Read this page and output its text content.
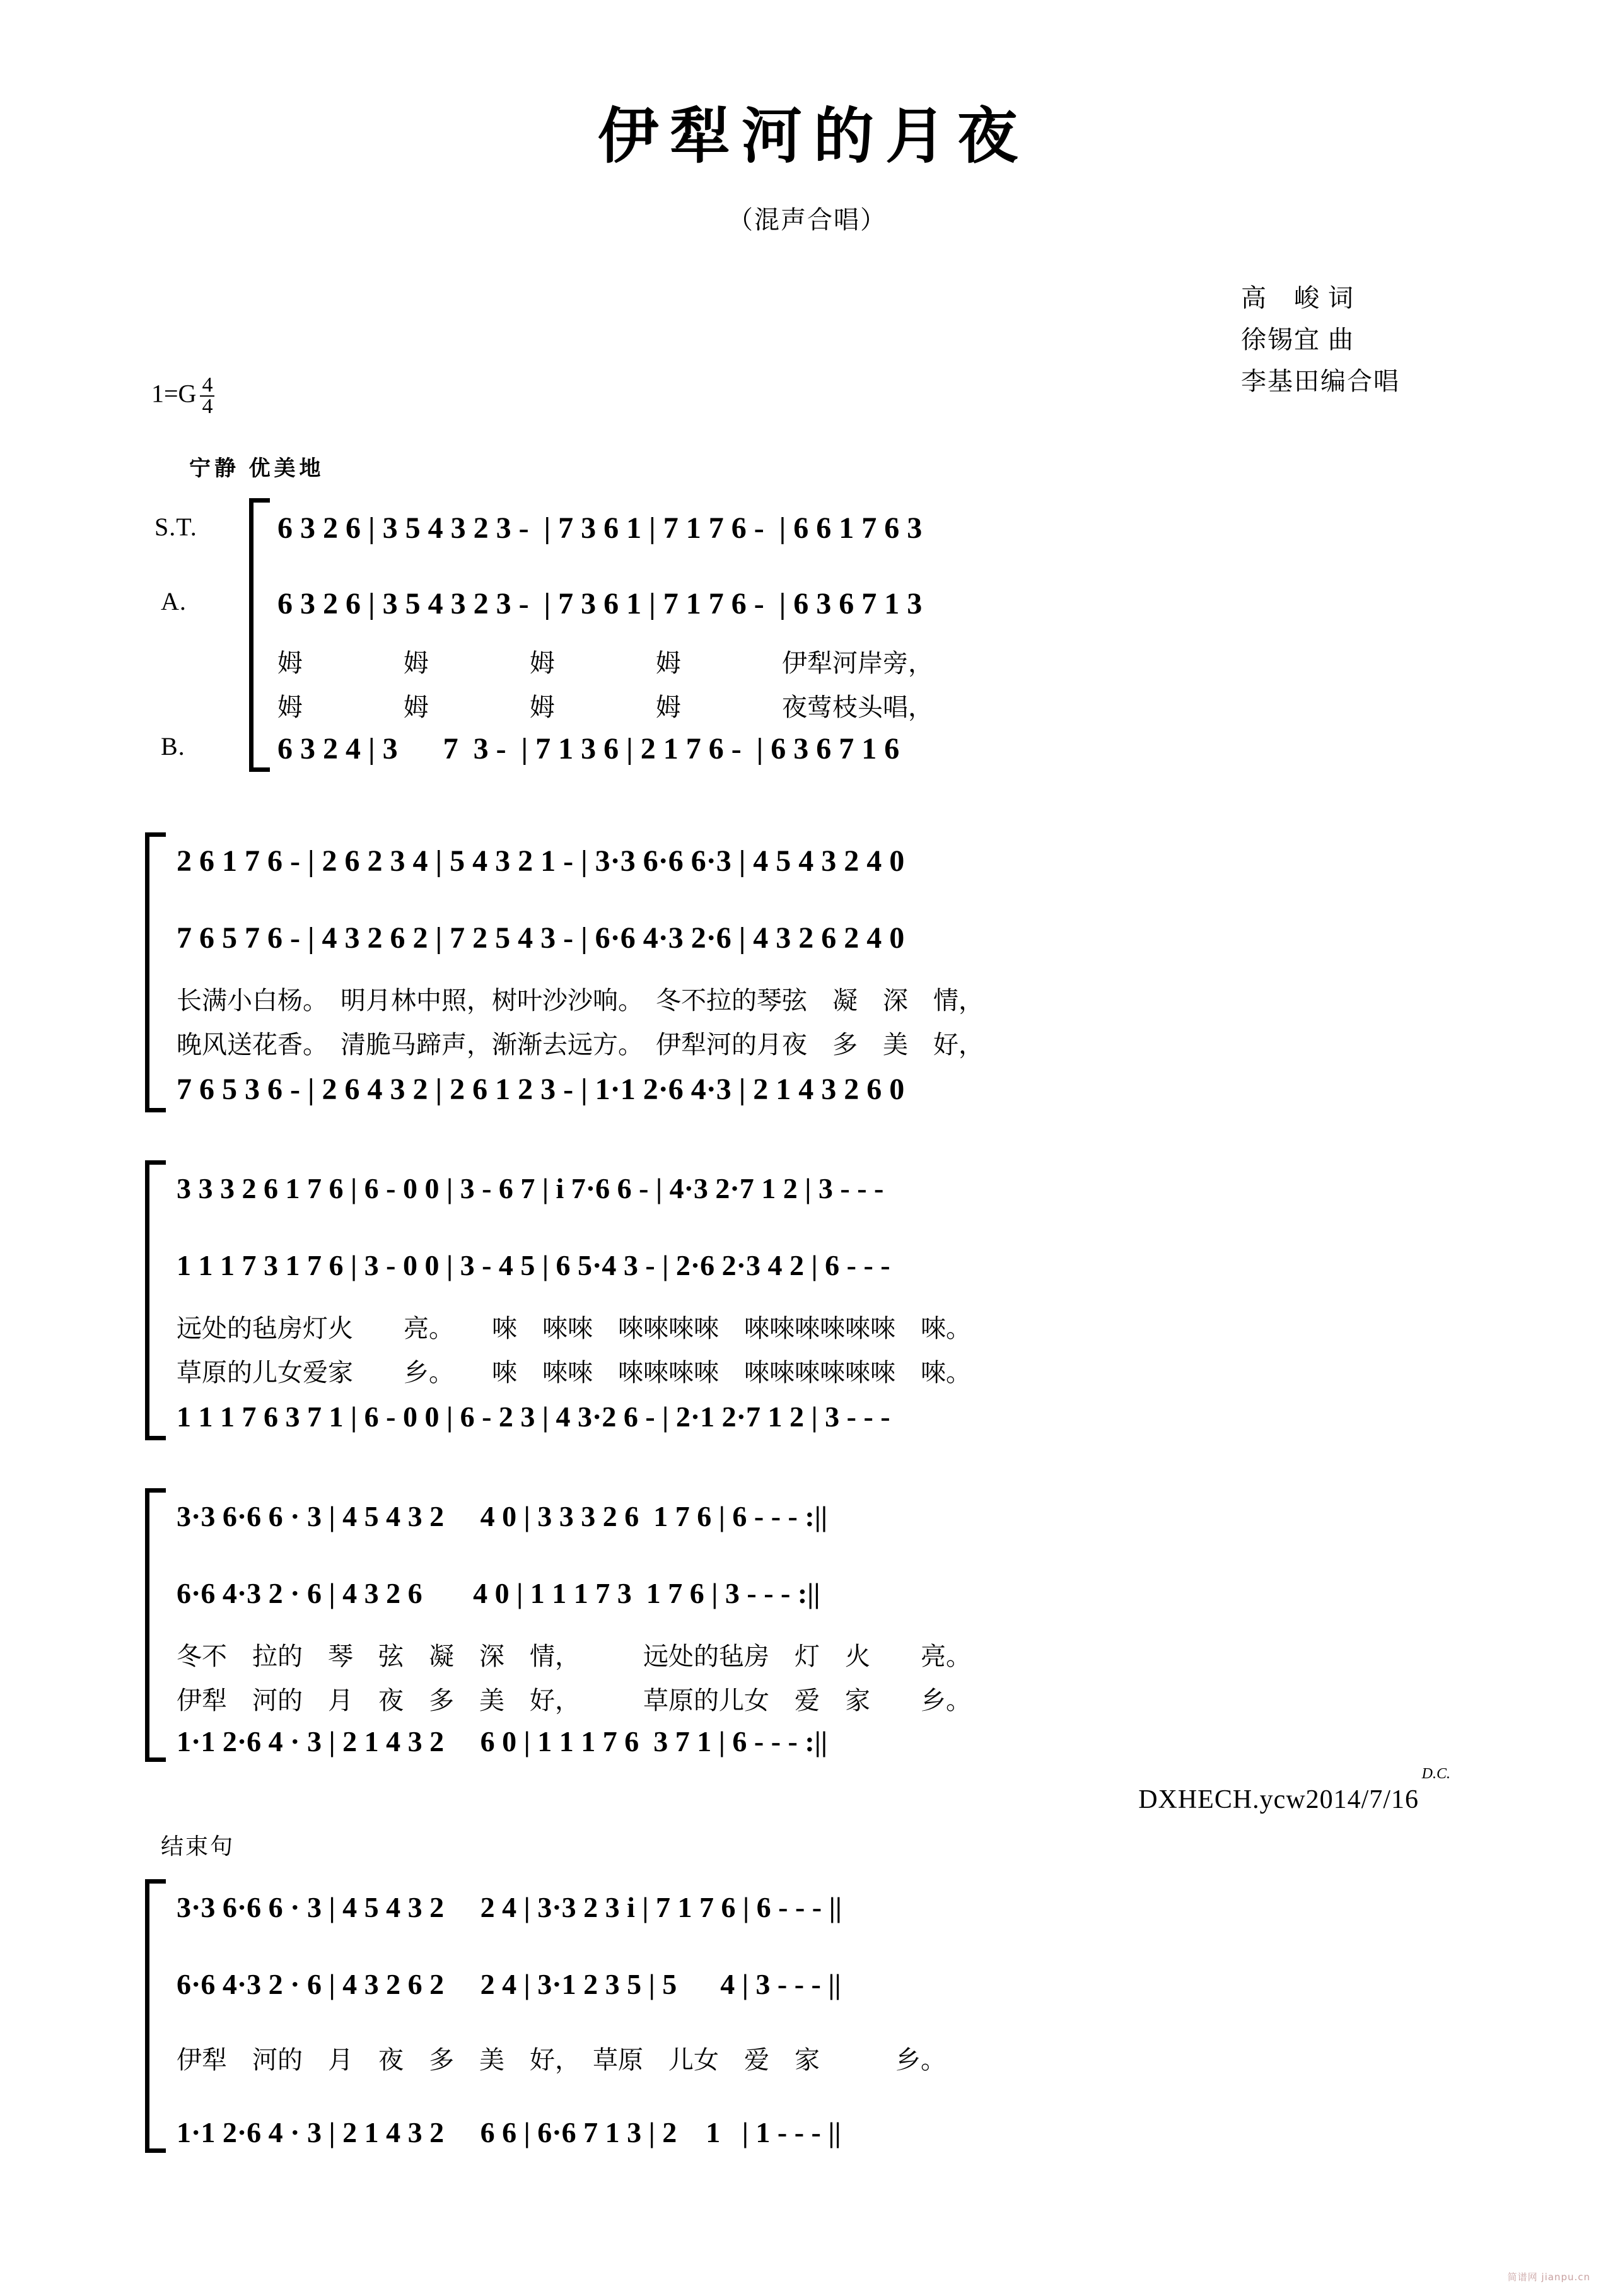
伊犁河的月夜
（混声合唱）
高　峻 词
徐锡宜 曲
李基田编合唱
$1=G \frac{4}{4}$
宁静 优美地
S.T.
A.
B.
6 3 2 6 | 3 5 4 3 2 3 -  | 7 3 6 1 | 7 1 7 6 -  | 6 6 1 7 6 3
6 3 2 6 | 3 5 4 3 2 3 -  | 7 3 6 1 | 7 1 7 6 -  | 6 3 6 7 1 3
姆　　　　姆　　　　姆　　　　姆　　　　伊犁河岸旁，
姆　　　　姆　　　　姆　　　　姆　　　　夜莺枝头唱，
6 3 2 4 | 3      7  3 -  | 7 1 3 6 | 2 1 7 6 -  | 6 3 6 7 1 6
2 6 1 7 6 - | 2 6 2 3 4 | 5 4 3 2 1 - | 3·3 6·6 6·3 | 4 5 4 3 2 4 0
7 6 5 7 6 - | 4 3 2 6 2 | 7 2 5 4 3 - | 6·6 4·3 2·6 | 4 3 2 6 2 4 0
长满小白杨。　明月林中照，树叶沙沙响。　冬不拉的琴弦　凝　深　情，
晚风送花香。　清脆马蹄声，渐渐去远方。　伊犁河的月夜　多　美　好，
7 6 5 3 6 - | 2 6 4 3 2 | 2 6 1 2 3 - | 1·1 2·6 4·3 | 2 1 4 3 2 6 0
3 3 3 2 6 1 7 6 | 6 - 0 0 | 3 - 6 7 | i 7·6 6 - | 4·3 2·7 1 2 | 3 - - -
1 1 1 7 3 1 7 6 | 3 - 0 0 | 3 - 4 5 | 6 5·4 3 - | 2·6 2·3 4 2 | 6 - - -
远处的毡房灯火　　亮。　　唻　唻唻　唻唻唻唻　唻唻唻唻唻唻　唻。
草原的儿女爱家　　乡。　　唻　唻唻　唻唻唻唻　唻唻唻唻唻唻　唻。
1 1 1 7 6 3 7 1 | 6 - 0 0 | 6 - 2 3 | 4 3·2 6 - | 2·1 2·7 1 2 | 3 - - -
3·3 6·6 6 · 3 | 4 5 4 3 2     4 0 | 3 3 3 2 6  1 7 6 | 6 - - - :||
6·6 4·3 2 · 6 | 4 3 2 6       4 0 | 1 1 1 7 3  1 7 6 | 3 - - - :||
冬不　拉的　琴　弦　凝　深　情，　　　远处的毡房　灯　火　　亮。
伊犁　河的　月　夜　多　美　好，　　　草原的儿女　爱　家　　乡。
1·1 2·6 4 · 3 | 2 1 4 3 2     6 0 | 1 1 1 7 6  3 7 1 | 6 - - - :||
DXHECH.ycw2014/7/16
D.C.
结束句
3·3 6·6 6 · 3 | 4 5 4 3 2     2 4 | 3·3 2 3 i | 7 1 7 6 | 6 - - - ||
6·6 4·3 2 · 6 | 4 3 2 6 2     2 4 | 3·1 2 3 5 | 5      4 | 3 - - - ||
伊犁　河的　月　夜　多　美　好，　草原　儿女　爱　家　　　乡。
1·1 2·6 4 · 3 | 2 1 4 3 2     6 6 | 6·6 7 1 3 | 2    1   | 1 - - - ||
简谱网 jianpu.cn
